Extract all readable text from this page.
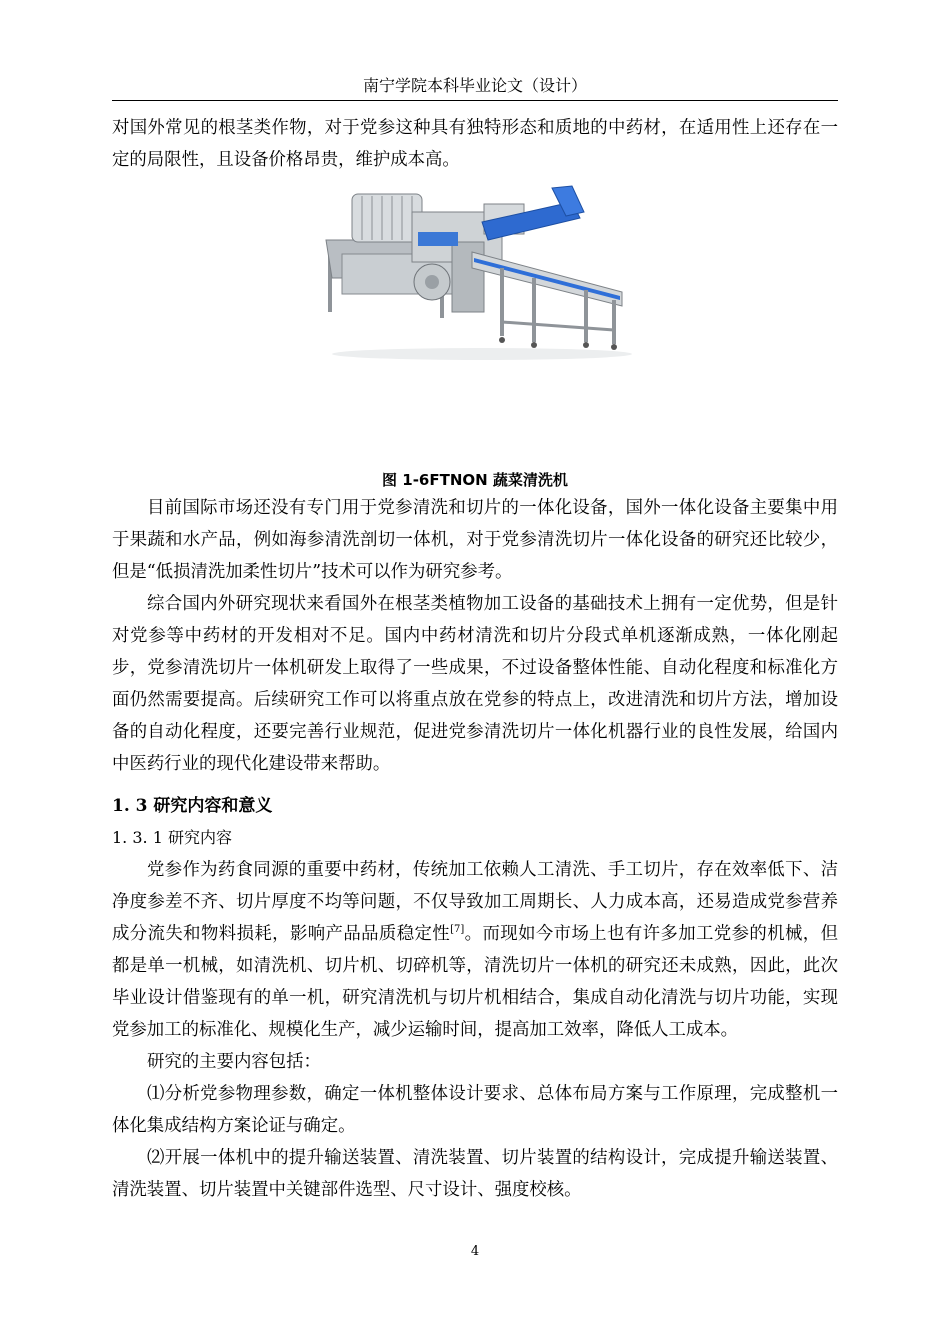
南宁学院本科毕业论文（设计）

对国外常见的根茎类作物，对于党参这种具有独特形态和质地的中药材，在适用性上还存在一定的局限性，且设备价格昂贵，维护成本高。

图 1-6FTNON 蔬菜清洗机

目前国际市场还没有专门用于党参清洗和切片的一体化设备，国外一体化设备主要集中用于果蔬和水产品，例如海参清洗剖切一体机，对于党参清洗切片一体化设备的研究还比较少，但是“低损清洗加柔性切片”技术可以作为研究参考。

综合国内外研究现状来看国外在根茎类植物加工设备的基础技术上拥有一定优势，但是针对党参等中药材的开发相对不足。国内中药材清洗和切片分段式单机逐渐成熟，一体化刚起步，党参清洗切片一体机研发上取得了一些成果，不过设备整体性能、自动化程度和标准化方面仍然需要提高。后续研究工作可以将重点放在党参的特点上，改进清洗和切片方法，增加设备的自动化程度，还要完善行业规范，促进党参清洗切片一体化机器行业的良性发展，给国内中医药行业的现代化建设带来帮助。

1. 3 研究内容和意义
1. 3. 1 研究内容

党参作为药食同源的重要中药材，传统加工依赖人工清洗、手工切片，存在效率低下、洁净度参差不齐、切片厚度不均等问题，不仅导致加工周期长、人力成本高，还易造成党参营养成分流失和物料损耗，影响产品品质稳定性[7]。而现如今市场上也有许多加工党参的机械，但都是单一机械，如清洗机、切片机、切碎机等，清洗切片一体机的研究还未成熟，因此，此次毕业设计借鉴现有的单一机，研究清洗机与切片机相结合，集成自动化清洗与切片功能，实现党参加工的标准化、规模化生产，减少运输时间，提高加工效率，降低人工成本。

研究的主要内容包括：

⑴分析党参物理参数，确定一体机整体设计要求、总体布局方案与工作原理，完成整机一体化集成结构方案论证与确定。

⑵开展一体机中的提升输送装置、清洗装置、切片装置的结构设计，完成提升输送装置、清洗装置、切片装置中关键部件选型、尺寸设计、强度校核。

4
